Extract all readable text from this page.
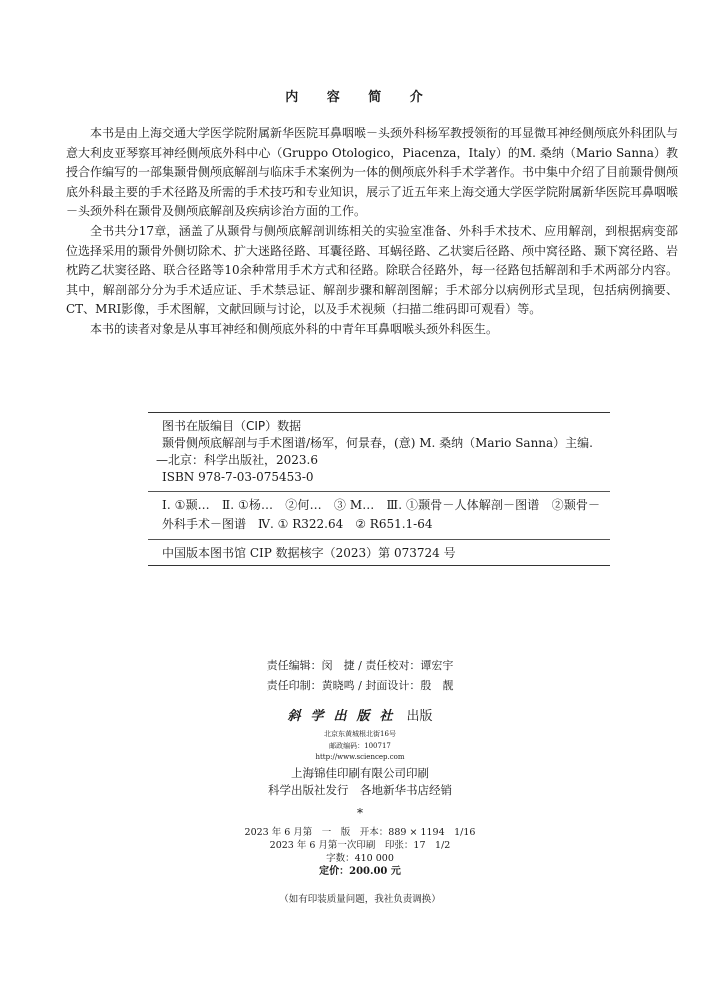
内 容 简 介

本书是由上海交通大学医学院附属新华医院耳鼻咽喉－头颈外科杨军教授领衔的耳显微耳神经侧颅底外科团队与意大利皮亚琴察耳神经侧颅底外科中心（Gruppo Otologico，Piacenza，Italy）的M. 桑纳（Mario Sanna）教授合作编写的一部集颞骨侧颅底解剖与临床手术案例为一体的侧颅底外科手术学著作。书中集中介绍了目前颞骨侧颅底外科最主要的手术径路及所需的手术技巧和专业知识，展示了近五年来上海交通大学医学院附属新华医院耳鼻咽喉－头颈外科在颞骨及侧颅底解剖及疾病诊治方面的工作。

全书共分17章，涵盖了从颞骨与侧颅底解剖训练相关的实验室准备、外科手术技术、应用解剖，到根据病变部位选择采用的颞骨外侧切除术、扩大迷路径路、耳囊径路、耳蜗径路、乙状窦后径路、颅中窝径路、颞下窝径路、岩枕跨乙状窦径路、联合径路等10余种常用手术方式和径路。除联合径路外，每一径路包括解剖和手术两部分内容。其中，解剖部分分为手术适应证、手术禁忌证、解剖步骤和解剖图解；手术部分以病例形式呈现，包括病例摘要、CT、MRI影像，手术图解，文献回顾与讨论，以及手术视频（扫描二维码即可观看）等。

本书的读者对象是从事耳神经和侧颅底外科的中青年耳鼻咽喉头颈外科医生。

图书在版编目（CIP）数据
颞骨侧颅底解剖与手术图谱/杨军，何景春，(意) M. 桑纳（Mario Sanna）主编.
—北京：科学出版社，2023.6
ISBN 978-7-03-075453-0
Ⅰ. ①颞…　Ⅱ. ①杨…　②何…　③ M…　Ⅲ. ①颞骨－人体解剖－图谱　②颞骨－外科手术－图谱　Ⅳ. ① R322.64　② R651.1-64
中国版本图书馆 CIP 数据核字（2023）第 073724 号
责任编辑：闵　捷 / 责任校对：谭宏宇
责任印制：黄晓鸣 / 封面设计：殷　靓
斜学出版社 出版
北京东黄城根北街16号
邮政编码：100717
http://www.sciencep.com
上海锦佳印刷有限公司印刷
科学出版社发行　各地新华书店经销
*
2023 年 6 月第　一　版　开本：889 × 1194　1/16
2023 年 6 月第一次印刷　印张：17　1/2
字数：410 000
定价：200.00 元
（如有印装质量问题，我社负责调换）
